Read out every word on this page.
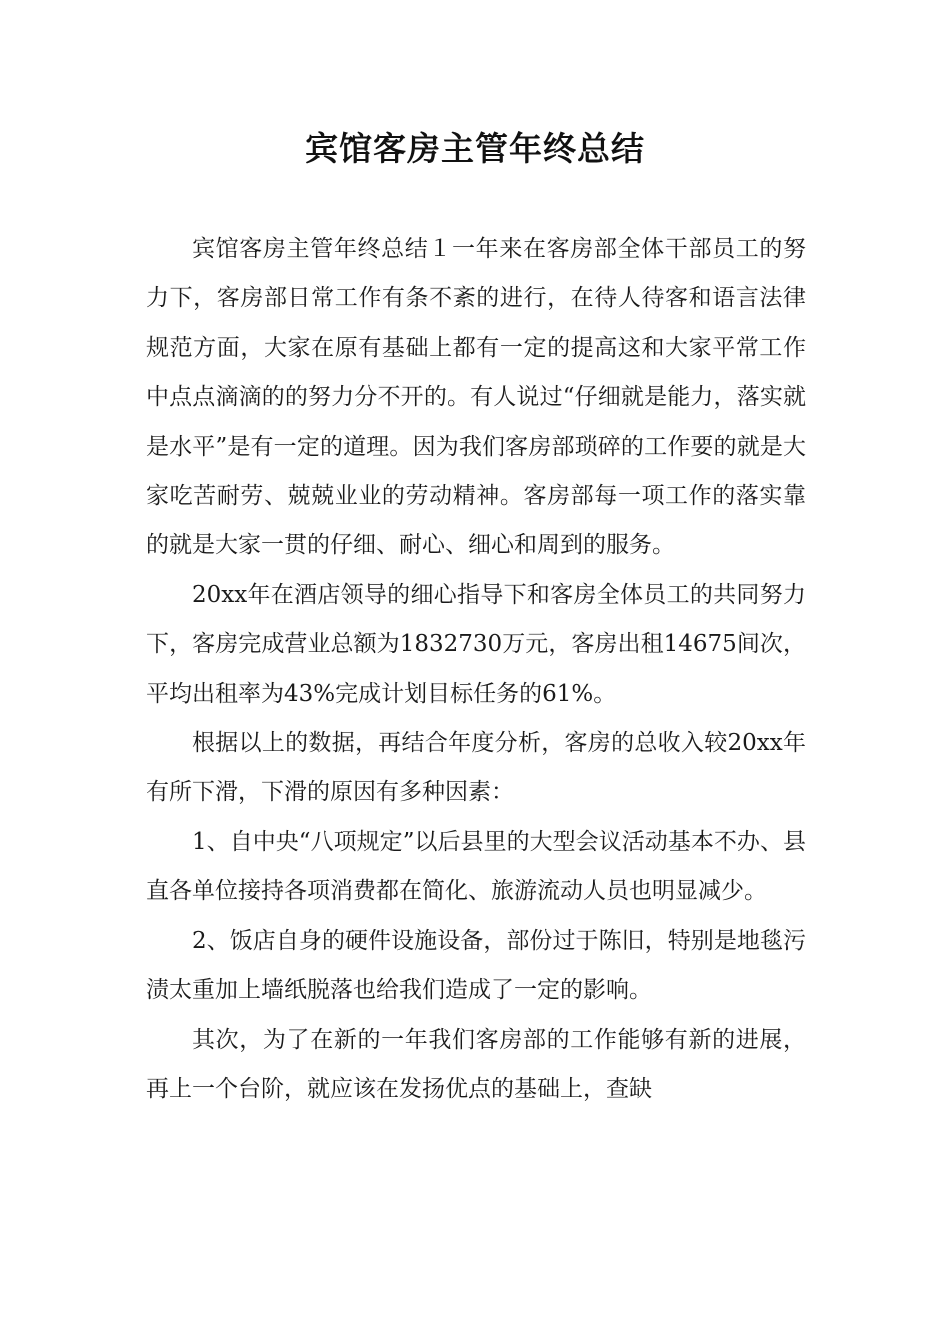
宾馆客房主管年终总结

宾馆客房主管年终总结１一年来在客房部全体干部员工的努力下，客房部日常工作有条不紊的进行，在待人待客和语言法律规范方面，大家在原有基础上都有一定的提高这和大家平常工作中点点滴滴的的努力分不开的。有人说过“仔细就是能力，落实就是水平”是有一定的道理。因为我们客房部琐碎的工作要的就是大家吃苦耐劳、兢兢业业的劳动精神。客房部每一项工作的落实靠的就是大家一贯的仔细、耐心、细心和周到的服务。

20xx年在酒店领导的细心指导下和客房全体员工的共同努力下，客房完成营业总额为1832730万元，客房出租14675间次，平均出租率为43%完成计划目标任务的61%。

根据以上的数据，再结合年度分析，客房的总收入较20xx年有所下滑，下滑的原因有多种因素：

1、自中央“八项规定”以后县里的大型会议活动基本不办、县直各单位接持各项消费都在简化、旅游流动人员也明显减少。

2、饭店自身的硬件设施设备，部份过于陈旧，特别是地毯污渍太重加上墙纸脱落也给我们造成了一定的影响。

其次，为了在新的一年我们客房部的工作能够有新的进展，再上一个台阶，就应该在发扬优点的基础上，查缺
